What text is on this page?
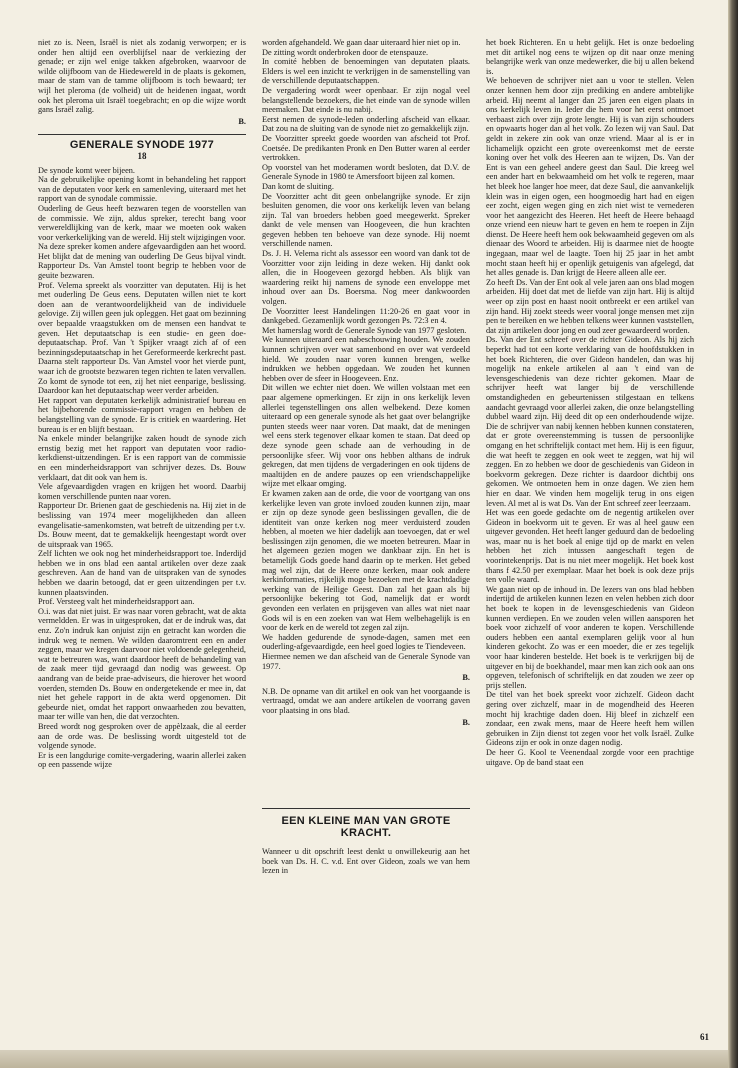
niet zo is. Neen, Israël is niet als zodanig verworpen; er is onder hen altijd een overblijfsel naar de verkiezing der genade; er zijn wel enige takken afgebroken, waarvoor de wilde olijfboom van de Hiedewereld in de plaats is gekomen, maar de stam van de tamme olijfboom is toch bewaard; ter wijl het pleroma (de volheid) uit de heidenen ingaat, wordt ook het pleroma uit Israël toegebracht; en op die wijze wordt gans Israël zalig.

B.
GENERALE SYNODE 1977
18

De synode komt weer bijeen.

Na de gebruikelijke opening komt in behandeling het rapport van de deputaten voor kerk en samenleving, uiteraard met het rapport van de synodale commissie.

Ouderling de Geus heeft bezwaren tegen de voorstellen van de commissie. We zijn, aldus spreker, terecht bang voor verwereldlijking van de kerk, maar we moeten ook waken voor verkerkelijking van de wereld. Hij stelt wijzigingen voor.

Na deze spreker komen andere afgevaardigden aan het woord. Het blijkt dat de mening van ouderling De Geus bijval vindt. Rapporteur Ds. Van Amstel toont begrip te hebben voor de geuite bezwaren.

Prof. Velema spreekt als voorzitter van deputaten. Hij is het met ouderling De Geus eens. Deputaten willen niet te kort doen aan de verantwoordelijkheid van de individuele gelovige. Zij willen geen juk opleggen. Het gaat om bezinning over bepaalde vraagstukken om de mensen een handvat te geven. Het deputaatschap is een studie- en geen doe-deputaatschap. Prof. Van 't Spijker vraagt zich af of een bezinningsdeputaatschap in het Gereformeerde kerkrecht past. Daarna stelt rapporteur Ds. Van Amstel voor het vierde punt, waar ich de grootste bezwaren tegen richten te laten vervallen. Zo komt de synode tot een, zij het niet eenparige, beslissing. Daardoor kan het deputaatschap weer verder arbeiden.

Het rapport van deputaten kerkelijk administratief bureau en het bijbehorende commissie-rapport vragen en hebben de belangstelling van de synode. Er is critiek en waardering. Het bureau is er en blijft bestaan.

Na enkele minder belangrijke zaken houdt de synode zich ernstig bezig met het rapport van deputaten voor radio-kerkdienst-uitzendingen. Er is een rapport van de commissie en een minderheidsrapport van schrijver dezes. Ds. Bouw verklaart, dat dit ook van hem is.

Vele afgevaardigden vragen en krijgen het woord. Daarbij komen verschillende punten naar voren.

Rapporteur Dr. Brienen gaat de geschiedenis na. Hij ziet in de beslissing van 1974 meer mogelijkheden dan alleen evangelisatie-samenkomsten, wat betreft de uitzending per t.v.

Ds. Bouw meent, dat te gemakkelijk heengestapt wordt over de uitspraak van 1965.

Zelf lichten we ook nog het minderheidsrapport toe. Inderdijd hebben we in ons blad een aantal artikelen over deze zaak geschreven. Aan de hand van de uitspraken van de synodes hebben we daarin betoogd, dat er geen uitzendingen per t.v. kunnen plaatsvinden.

Prof. Versteeg valt het minderheidsrapport aan.

O.i. was dat niet juist. Er was naar voren gebracht, wat de akta vermeldden. Er was in uitgesproken, dat er de indruk was, dat enz. Zo'n indruk kan onjuist zijn en getracht kan worden die indruk weg te nemen. We wilden daaromtrent een en ander zeggen, maar we kregen daarvoor niet voldoende gelegenheid, wat te betreuren was, want daardoor heeft de behandeling van de zaak meer tijd gevraagd dan nodig was geweest. Op aandrang van de beide prae-adviseurs, die hierover het woord voerden, stemden Ds. Bouw en ondergetekende er mee in, dat niet het gehele rapport in de akta werd opgenomen. Dit gebeurde niet, omdat het rapport onwaarheden zou bevatten, maar ter wille van hen, die dat verzochten.

Breed wordt nog gesproken over de appèlzaak, die al eerder aan de orde was. De beslissing wordt uitgesteld tot de volgende synode.

Er is een langdurige comite-vergadering, waarin allerlei zaken op een passende wijze

worden afgehandeld. We gaan daar uiteraard hier niet op in.

De zitting wordt onderbroken door de etenspauze.

In comité hebben de benoemingen van deputaten plaats. Elders is wel een inzicht te verkrijgen in de samenstelling van de verschillende deputaatschappen.

De vergadering wordt weer openbaar. Er zijn nogal veel belangstellende bezoekers, die het einde van de synode willen meemaken. Dat einde is nu nabij.

Eerst nemen de synode-leden onderling afscheid van elkaar. Dat zou na de sluiting van de synode niet zo gemakkelijk zijn.

De Voorzitter spreekt goede woorden van afscheid tot Prof. Coetsée. De predikanten Pronk en Den Butter waren al eerder vertrokken.

Op voorstel van het moderamen wordt besloten, dat D.V. de Generale Synode in 1980 te Amersfoort bijeen zal komen.

Dan komt de sluiting.

De Voorzitter acht dit geen onbelangrijke synode. Er zijn besluiten genomen, die voor ons kerkelijk leven van belang zijn. Tal van broeders hebben goed meegewerkt. Spreker dankt de vele mensen van Hoogeveen, die hun krachten gegeven hebben ten behoeve van deze synode. Hij noemt verschillende namen.

Ds. J. H. Velema richt als assessor een woord van dank tot de Voorzitter voor zijn leiding in deze weken. Hij dankt ook allen, die in Hoogeveen gezorgd hebben. Als blijk van waardering reikt hij namens de synode een enveloppe met inhoud over aan Ds. Boersma. Nog meer dankwoorden volgen.

De Voorzitter leest Handelingen 11:20-26 en gaat voor in dankgebed. Gezamenlijk wordt gezongen Ps. 72:3 en 4.

Met hamerslag wordt de Generale Synode van 1977 gesloten.

We kunnen uiteraard een nabeschouwing houden. We zouden kunnen schrijven over wat samenbond en over wat verdeeld hield. We zouden naar voren kunnen brengen, welke indrukken we hebben opgedaan. We zouden het kunnen hebben over de sfeer in Hoogeveen. Enz.

Dit willen we echter niet doen. We willen volstaan met een paar algemene opmerkingen. Er zijn in ons kerkelijk leven allerlei tegenstellingen ons allen welbekend. Deze komen uiteraard op een generale synode als het gaat over belangrijke punten steeds weer naar voren. Dat maakt, dat de meningen wel eens sterk tegenover elkaar komen te staan. Dat deed op deze synode geen schade aan de verhouding in de persoonlijke sfeer. Wij voor ons hebben althans de indruk gekregen, dat men tijdens de vergaderingen en ook tijdens de maaltijden en de andere pauzes op een vriendschappelijke wijze met elkaar omging.

Er kwamen zaken aan de orde, die voor de voortgang van ons kerkelijke leven van grote invloed zouden kunnen zijn, maar er zijn op deze synode geen beslissingen gevallen, die de identiteit van onze kerken nog meer verduisterd zouden hebben, al moeten we hier dadelijk aan toevoegen, dat er wel beslissingen zijn genomen, die we moeten betreuren. Maar in het algemeen gezien mogen we dankbaar zijn. En het is betamelijk Gods goede hand daarin op te merken. Het gebed mag wel zijn, dat de Heere onze kerken, maar ook andere kerkinformaties, rijkelijk moge bezoeken met de krachtdadige werking van de Heilige Geest. Dan zal het gaan als bij persoonlijke bekering tot God, namelijk dat er wordt gevonden een verlaten en prijsgeven van alles wat niet naar Gods wil is en een zoeken van wat Hem welbehagelijk is en voor de kerk en de wereld tot zegen zal zijn.

We hadden gedurende de synode-dagen, samen met een ouderling-afgevaardigde, een heel goed logies te Tiendeveen.

Hiermee nemen we dan afscheid van de Generale Synode van 1977.

B.

N.B. De opname van dit artikel en ook van het voorgaande is vertraagd, omdat we aan andere artikelen de voorrang gaven voor plaatsing in ons blad.

B.
EEN KLEINE MAN VAN GROTE KRACHT.

Wanneer u dit opschrift leest denkt u onwillekeurig aan het boek van Ds. H. C. v.d. Ent over Gideon, zoals we van hem lezen in

het boek Richteren. En u hebt gelijk. Het is onze bedoeling met dit artikel nog eens te wijzen op dit naar onze mening belangrijke werk van onze medewerker, die bij u allen bekend is.

We behoeven de schrijver niet aan u voor te stellen. Velen onzer kennen hem door zijn prediking en andere ambtelijke arbeid. Hij neemt al langer dan 25 jaren een eigen plaats in ons kerkelijk leven in. Ieder die hem voor het eerst ontmoet verbaast zich over zijn grote lengte. Hij is van zijn schouders en opwaarts hoger dan al het volk. Zo lezen wij van Saul. Dat geldt in zekere zin ook van onze vriend. Maar al is er in lichamelijk opzicht een grote overeenkomst met de eerste koning over het volk des Heeren aan te wijzen, Ds. Van der Ent is van een geheel andere geest dan Saul. Die kreeg wel een ander hart en bekwaamheid om het volk te regeren, maar het bleek hoe langer hoe meer, dat deze Saul, die aanvankelijk klein was in eigen ogen, een hoogmoedig hart had en eigen eer zocht, eigen wegen ging en zich niet wist te vernederen voor het aangezicht des Heeren. Het heeft de Heere behaagd onze vriend een nieuw hart te geven en hem te roepen in Zijn dienst. De Heere heeft hem ook bekwaamheid gegeven om als dienaar des Woord te arbeiden. Hij is daarmee niet de hoogte ingegaan, maar wel de laagte. Toen hij 25 jaar in het ambt mocht staan heeft hij er openlijk getuigenis van afgelegd, dat het alles genade is. Dan krijgt de Heere alleen alle eer.

Zo heeft Ds. Van der Ent ook al vele jaren aan ons blad mogen arbeiden. Hij doet dat met de liefde van zijn hart. Hij is altijd weer op zijn post en haast nooit ontbreekt er een artikel van zijn hand. Hij zoekt steeds weer vooral jonge mensen met zijn pen te bereiken en we hebben telkens weer kunnen vaststellen, dat zijn artikelen door jong en oud zeer gewaardeerd worden.

Ds. Van der Ent schreef over de richter Gideon. Als hij zich beperkt had tot een korte verklaring van de hoofdstukken in het boek Richteren, die over Gideon handelen, dan was hij mogelijk na enkele artikelen al aan 't eind van de levensgeschiedenis van deze richter gekomen. Maar de schrijver heeft wat langer bij de verschillende omstandigheden en gebeurtenissen stilgestaan en telkens aandacht gevraagd voor allerlei zaken, die onze belangstelling dubbel waard zijn. Hij deed dit op een onderhoudende wijze. Die de schrijver van nabij kennen hebben kunnen constateren, dat er grote overeenstemming is tussen de persoonlijke omgang en het schriftelijk contact met hem. Hij is een figuur, die wat heeft te zeggen en ook weet te zeggen, wat hij wil zeggen. En zo hebben we door de geschiedenis van Gideon in boekvorm gekregen. Deze richter is daardoor dichtbij ons gekomen. We ontmoeten hem in onze dagen. We zien hem hier en daar. We vinden hem mogelijk terug in ons eigen leven. Al met al is wat Ds. Van der Ent schreef zeer leerzaam.

Het was een goede gedachte om de negentig artikelen over Gideon in boekvorm uit te geven. Er was al heel gauw een uitgever gevonden. Het heeft langer geduurd dan de bedoeling was, maar nu is het boek al enige tijd op de markt en velen hebben het zich intussen aangeschaft tegen de voorintekenprijs. Dat is nu niet meer mogelijk. Het boek kost thans f 42.50 per exemplaar. Maar het boek is ook deze prijs ten volle waard.

We gaan niet op de inhoud in. De lezers van ons blad hebben indertijd de artikelen kunnen lezen en velen hebben zich door het boek te kopen in de levensgeschiedenis van Gideon kunnen verdiepen. En we zouden velen willen aansporen het boek voor zichzelf of voor anderen te kopen. Verschillende ouders hebben een aantal exemplaren gelijk voor al hun kinderen gekocht. Zo was er een moeder, die er zes tegelijk voor haar kinderen bestelde. Het boek is te verkrijgen bij de uitgever en bij de boekhandel, maar men kan zich ook aan ons opgeven, telefonisch of schriftelijk en dat zouden we zeer op prijs stellen.

De titel van het boek spreekt voor zichzelf. Gideon dacht gering over zichzelf, maar in de mogendheid des Heeren mocht hij krachtige daden doen. Hij bleef in zichzelf een zondaar, een zwak mens, maar de Heere heeft hem willen gebruiken in Zijn dienst tot zegen voor het volk Israël. Zulke Gideons zijn er ook in onze dagen nodig.

De heer G. Kool te Veenendaal zorgde voor een prachtige uitgave. Op de band staat een

61
